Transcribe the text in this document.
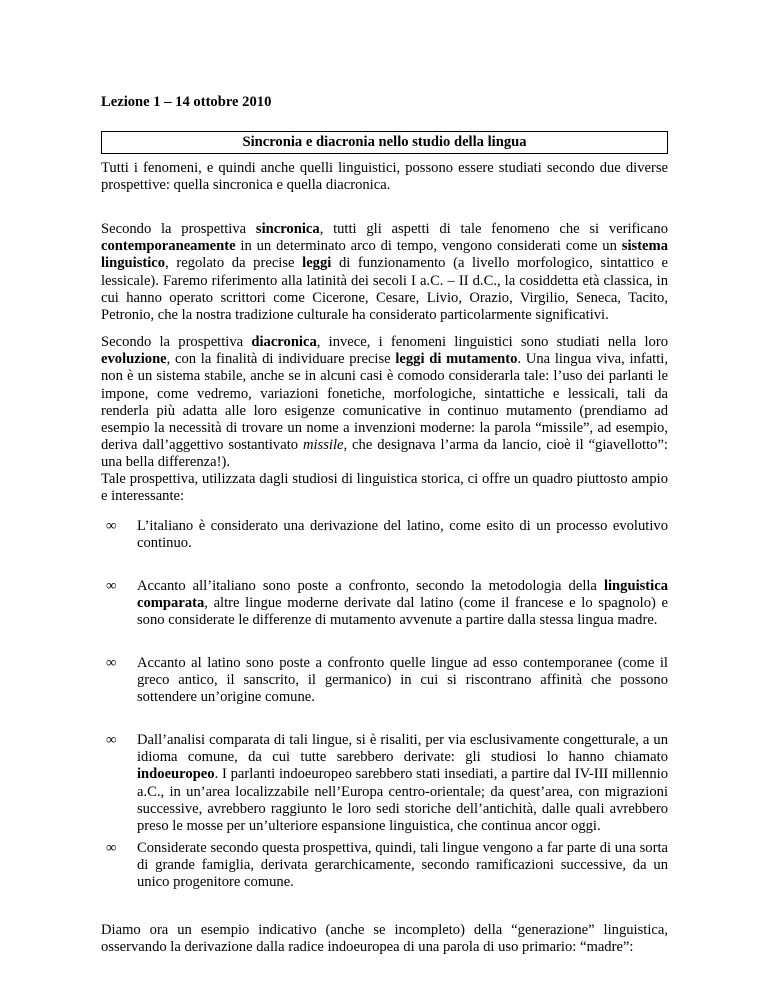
Lezione 1 – 14 ottobre 2010
Sincronia e diacronia nello studio della lingua

Tutti i fenomeni, e quindi anche quelli linguistici, possono essere studiati secondo due diverse prospettive: quella sincronica e quella diacronica.

Secondo la prospettiva sincronica, tutti gli aspetti di tale fenomeno che si verificano contemporaneamente in un determinato arco di tempo, vengono considerati come un sistema linguistico, regolato da precise leggi di funzionamento (a livello morfologico, sintattico e lessicale). Faremo riferimento alla latinità dei secoli I a.C. – II d.C., la cosiddetta età classica, in cui hanno operato scrittori come Cicerone, Cesare, Livio, Orazio, Virgilio, Seneca, Tacito, Petronio, che la nostra tradizione culturale ha considerato particolarmente significativi.

Secondo la prospettiva diacronica, invece, i fenomeni linguistici sono studiati nella loro evoluzione, con la finalità di individuare precise leggi di mutamento. Una lingua viva, infatti, non è un sistema stabile, anche se in alcuni casi è comodo considerarla tale: l’uso dei parlanti le impone, come vedremo, variazioni fonetiche, morfologiche, sintattiche e lessicali, tali da renderla più adatta alle loro esigenze comunicative in continuo mutamento (prendiamo ad esempio la necessità di trovare un nome a invenzioni moderne: la parola “missile”, ad esempio, deriva dall’aggettivo sostantivato missile, che designava l’arma da lancio, cioè il “giavellotto”: una bella differenza!).

Tale prospettiva, utilizzata dagli studiosi di linguistica storica, ci offre un quadro piuttosto ampio e interessante:

∞ L’italiano è considerato una derivazione del latino, come esito di un processo evolutivo continuo.
∞ Accanto all’italiano sono poste a confronto, secondo la metodologia della linguistica comparata, altre lingue moderne derivate dal latino (come il francese e lo spagnolo) e sono considerate le differenze di mutamento avvenute a partire dalla stessa lingua madre.
∞ Accanto al latino sono poste a confronto quelle lingue ad esso contemporanee (come il greco antico, il sanscrito, il germanico) in cui si riscontrano affinità che possono sottendere un’origine comune.
∞ Dall’analisi comparata di tali lingue, si è risaliti, per via esclusivamente congetturale, a un idioma comune, da cui tutte sarebbero derivate: gli studiosi lo hanno chiamato indoeuropeo. I parlanti indoeuropeo sarebbero stati insediati, a partire dal IV-III millennio a.C., in un’area localizzabile nell’Europa centro-orientale; da quest’area, con migrazioni successive, avrebbero raggiunto le loro sedi storiche dell’antichità, dalle quali avrebbero preso le mosse per un’ulteriore espansione linguistica, che continua ancor oggi.
∞ Considerate secondo questa prospettiva, quindi, tali lingue vengono a far parte di una sorta di grande famiglia, derivata gerarchicamente, secondo ramificazioni successive, da un unico progenitore comune.

Diamo ora un esempio indicativo (anche se incompleto) della “generazione” linguistica, osservando la derivazione dalla radice indoeuropea di una parola di uso primario: “madre”:
